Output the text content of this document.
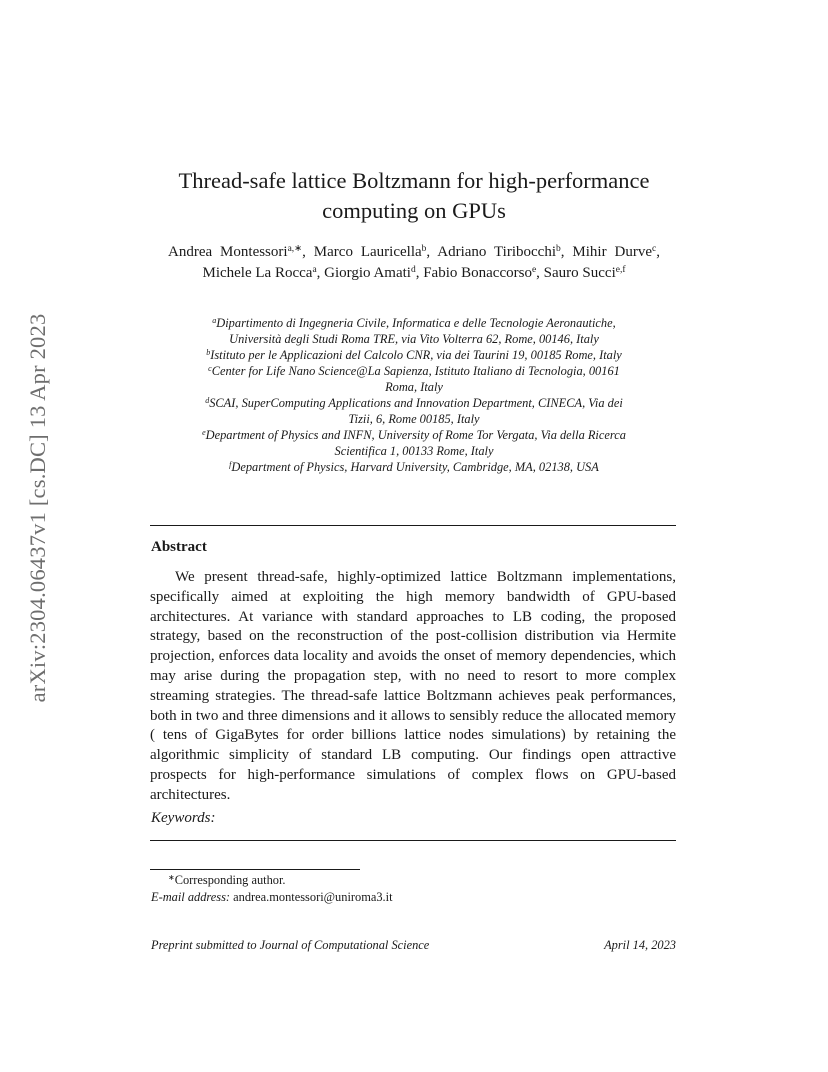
arXiv:2304.06437v1 [cs.DC] 13 Apr 2023
Thread-safe lattice Boltzmann for high-performance
computing on GPUs
Andrea Montessori$^{a,∗}$, Marco Lauricella$^b$, Adriano Tiribocchi$^b$, Mihir Durve$^c$, Michele La Rocca$^a$, Giorgio Amati$^d$, Fabio Bonaccorso$^e$, Sauro Succi$^{e,f}$
$^a$Dipartimento di Ingegneria Civile, Informatica e delle Tecnologie Aeronautiche,
Università degli Studi Roma TRE, via Vito Volterra 62, Rome, 00146, Italy
$^b$Istituto per le Applicazioni del Calcolo CNR, via dei Taurini 19, 00185 Rome, Italy
$^c$Center for Life Nano Science@La Sapienza, Istituto Italiano di Tecnologia, 00161
Roma, Italy
$^d$SCAI, SuperComputing Applications and Innovation Department, CINECA, Via dei
Tizii, 6, Rome 00185, Italy
$^e$Department of Physics and INFN, University of Rome Tor Vergata, Via della Ricerca
Scientifica 1, 00133 Rome, Italy
$^f$Department of Physics, Harvard University, Cambridge, MA, 02138, USA
Abstract
We present thread-safe, highly-optimized lattice Boltzmann implementations, specifically aimed at exploiting the high memory bandwidth of GPU-based architectures. At variance with standard approaches to LB coding, the proposed strategy, based on the reconstruction of the post-collision distribution via Hermite projection, enforces data locality and avoids the onset of memory dependencies, which may arise during the propagation step, with no need to resort to more complex streaming strategies. The thread-safe lattice Boltzmann achieves peak performances, both in two and three dimensions and it allows to sensibly reduce the allocated memory ( tens of GigaBytes for order billions lattice nodes simulations) by retaining the algorithmic simplicity of standard LB computing. Our findings open attractive prospects for high-performance simulations of complex flows on GPU-based architectures.
Keywords:
∗Corresponding author.
E-mail address: andrea.montessori@uniroma3.it
Preprint submitted to Journal of Computational Science	April 14, 2023
